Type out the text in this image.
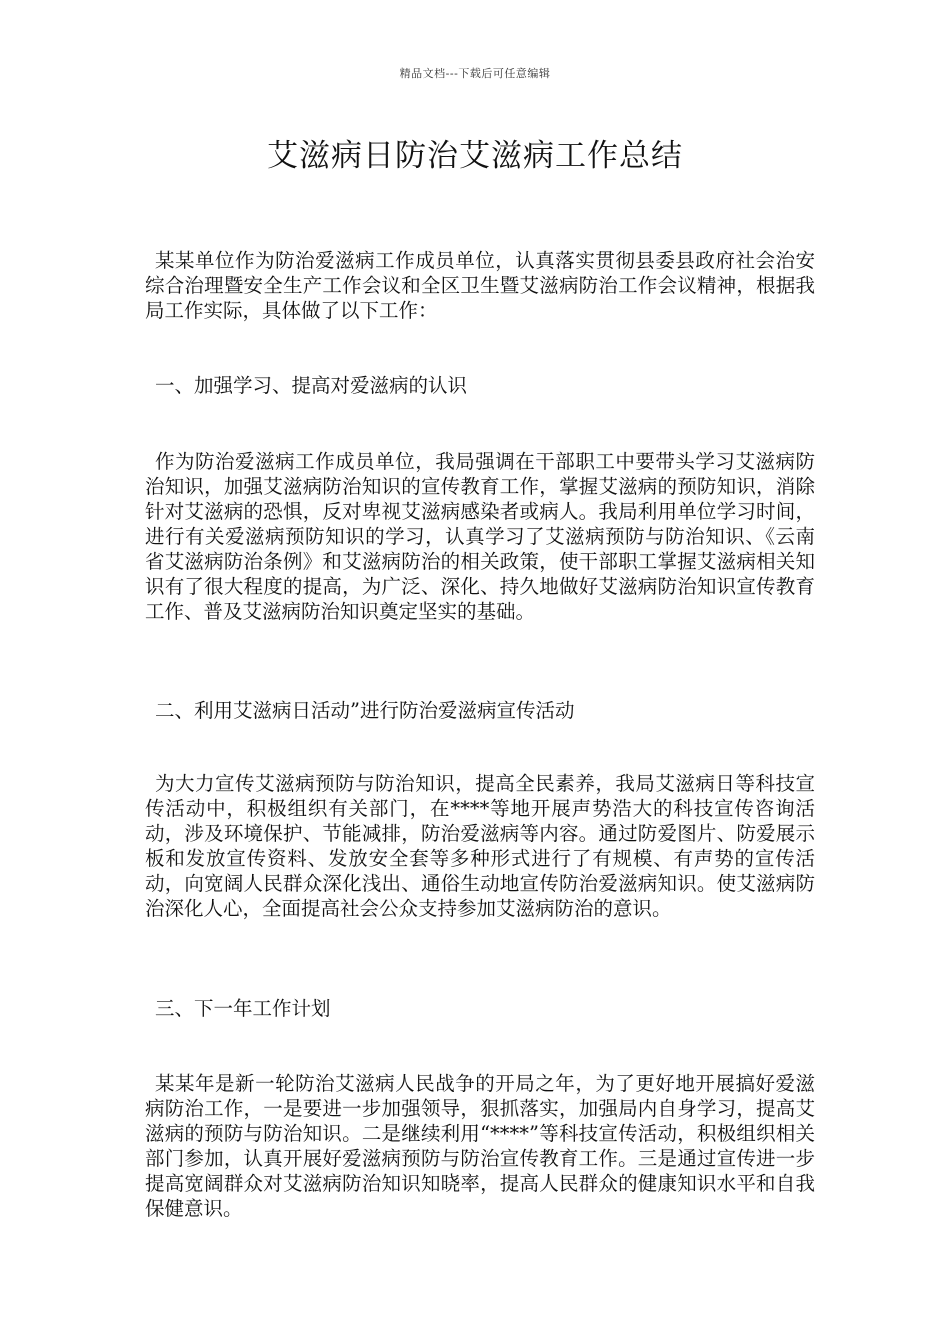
精品文档---下载后可任意编辑
艾滋病日防治艾滋病工作总结
某某单位作为防治爱滋病工作成员单位，认真落实贯彻县委县政府社会治安综合治理暨安全生产工作会议和全区卫生暨艾滋病防治工作会议精神，根据我局工作实际，具体做了以下工作：
一、加强学习、提高对爱滋病的认识
作为防治爱滋病工作成员单位，我局强调在干部职工中要带头学习艾滋病防治知识，加强艾滋病防治知识的宣传教育工作，掌握艾滋病的预防知识，消除针对艾滋病的恐惧，反对卑视艾滋病感染者或病人。我局利用单位学习时间，进行有关爱滋病预防知识的学习，认真学习了艾滋病预防与防治知识、《云南省艾滋病防治条例》和艾滋病防治的相关政策，使干部职工掌握艾滋病相关知识有了很大程度的提高，为广泛、深化、持久地做好艾滋病防治知识宣传教育工作、普及艾滋病防治知识奠定坚实的基础。
二、利用艾滋病日活动”进行防治爱滋病宣传活动
为大力宣传艾滋病预防与防治知识，提高全民素养，我局艾滋病日等科技宣传活动中，积极组织有关部门，在****等地开展声势浩大的科技宣传咨询活动，涉及环境保护、节能减排，防治爱滋病等内容。通过防爱图片、防爱展示板和发放宣传资料、发放安全套等多种形式进行了有规模、有声势的宣传活动，向宽阔人民群众深化浅出、通俗生动地宣传防治爱滋病知识。使艾滋病防治深化人心，全面提高社会公众支持参加艾滋病防治的意识。
三、下一年工作计划
某某年是新一轮防治艾滋病人民战争的开局之年，为了更好地开展搞好爱滋病防治工作，一是要进一步加强领导，狠抓落实，加强局内自身学习，提高艾滋病的预防与防治知识。二是继续利用“****”等科技宣传活动，积极组织相关部门参加，认真开展好爱滋病预防与防治宣传教育工作。三是通过宣传进一步提高宽阔群众对艾滋病防治知识知晓率，提高人民群众的健康知识水平和自我保健意识。
